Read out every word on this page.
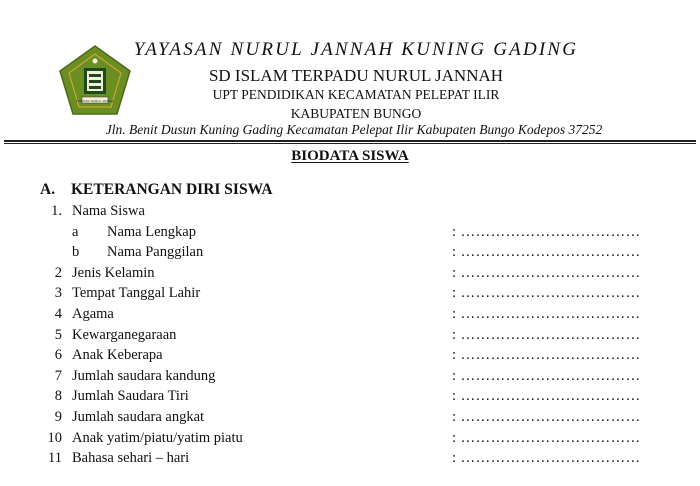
TERPADU NURUL JANNAH
YAYASAN NURUL JANNAH KUNING GADING
SD ISLAM TERPADU NURUL JANNAH
UPT PENDIDIKAN KECAMATAN PELEPAT ILIR
KABUPATEN BUNGO
Jln. Benit Dusun Kuning Gading Kecamatan Pelepat Ilir Kabupaten Bungo Kodepos 37252
BIODATA SISWA
A. KETERANGAN DIRI SISWA
1. Nama Siswa
a Nama Lengkap	: ………………………………
b Nama Panggilan	: ………………………………
2 Jenis Kelamin	: ………………………………
3 Tempat Tanggal Lahir	: ………………………………
4 Agama	: ………………………………
5 Kewarganegaraan	: ………………………………
6 Anak Keberapa	: ………………………………
7 Jumlah saudara kandung	: ………………………………
8 Jumlah Saudara Tiri	: ………………………………
9 Jumlah saudara angkat	: ………………………………
10 Anak yatim/piatu/yatim piatu	: ………………………………
11 Bahasa sehari – hari	: ………………………………
